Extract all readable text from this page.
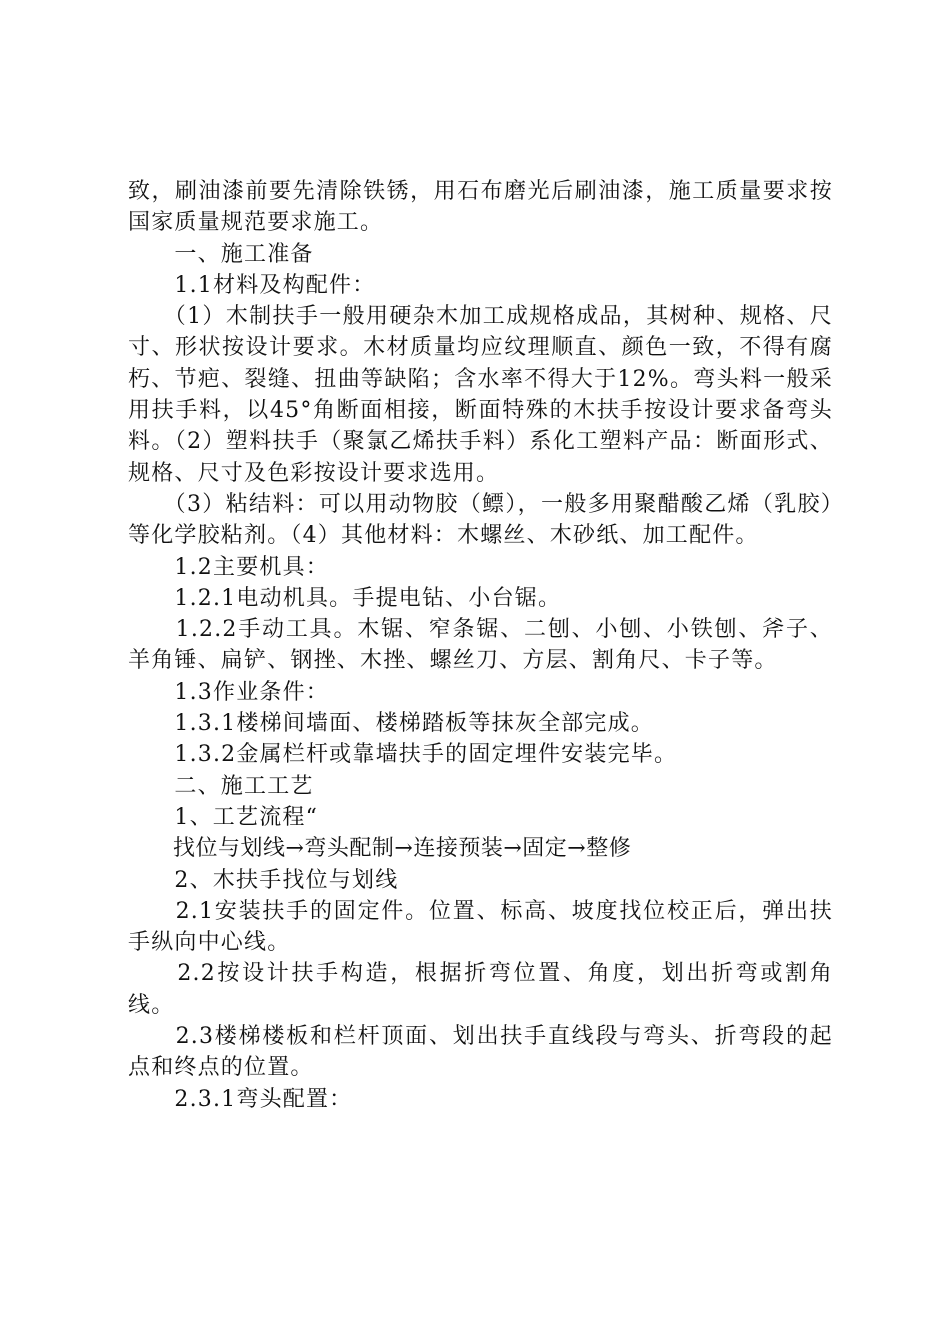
致，刷油漆前要先清除铁锈，用石布磨光后刷油漆，施工质量要求按国家质量规范要求施工。

　　一、施工准备

　　1.1材料及构配件：

　　（1）木制扶手一般用硬杂木加工成规格成品，其树种、规格、尺寸、形状按设计要求。木材质量均应纹理顺直、颜色一致，不得有腐朽、节疤、裂缝、扭曲等缺陷；含水率不得大于12%。弯头料一般采用扶手料，以45°角断面相接，断面特殊的木扶手按设计要求备弯头料。（2）塑料扶手（聚氯乙烯扶手料）系化工塑料产品：断面形式、规格、尺寸及色彩按设计要求选用。

　　（3）粘结料：可以用动物胶（鳔），一般多用聚醋酸乙烯（乳胶）等化学胶粘剂。（4）其他材料：木螺丝、木砂纸、加工配件。

　　1.2主要机具：

　　1.2.1电动机具。手提电钻、小台锯。

　　1.2.2手动工具。木锯、窄条锯、二刨、小刨、小铁刨、斧子、羊角锤、扁铲、钢挫、木挫、螺丝刀、方层、割角尺、卡子等。

　　1.3作业条件：

　　1.3.1楼梯间墙面、楼梯踏板等抹灰全部完成。

　　1.3.2金属栏杆或靠墙扶手的固定埋件安装完毕。

　　二、施工工艺

　　1、工艺流程“

　　找位与划线→弯头配制→连接预装→固定→整修

　　2、木扶手找位与划线

　　2.1安装扶手的固定件。位置、标高、坡度找位校正后，弹出扶手纵向中心线。

　　2.2按设计扶手构造，根据折弯位置、角度，划出折弯或割角线。

　　2.3楼梯楼板和栏杆顶面、划出扶手直线段与弯头、折弯段的起点和终点的位置。

　　2.3.1弯头配置：
